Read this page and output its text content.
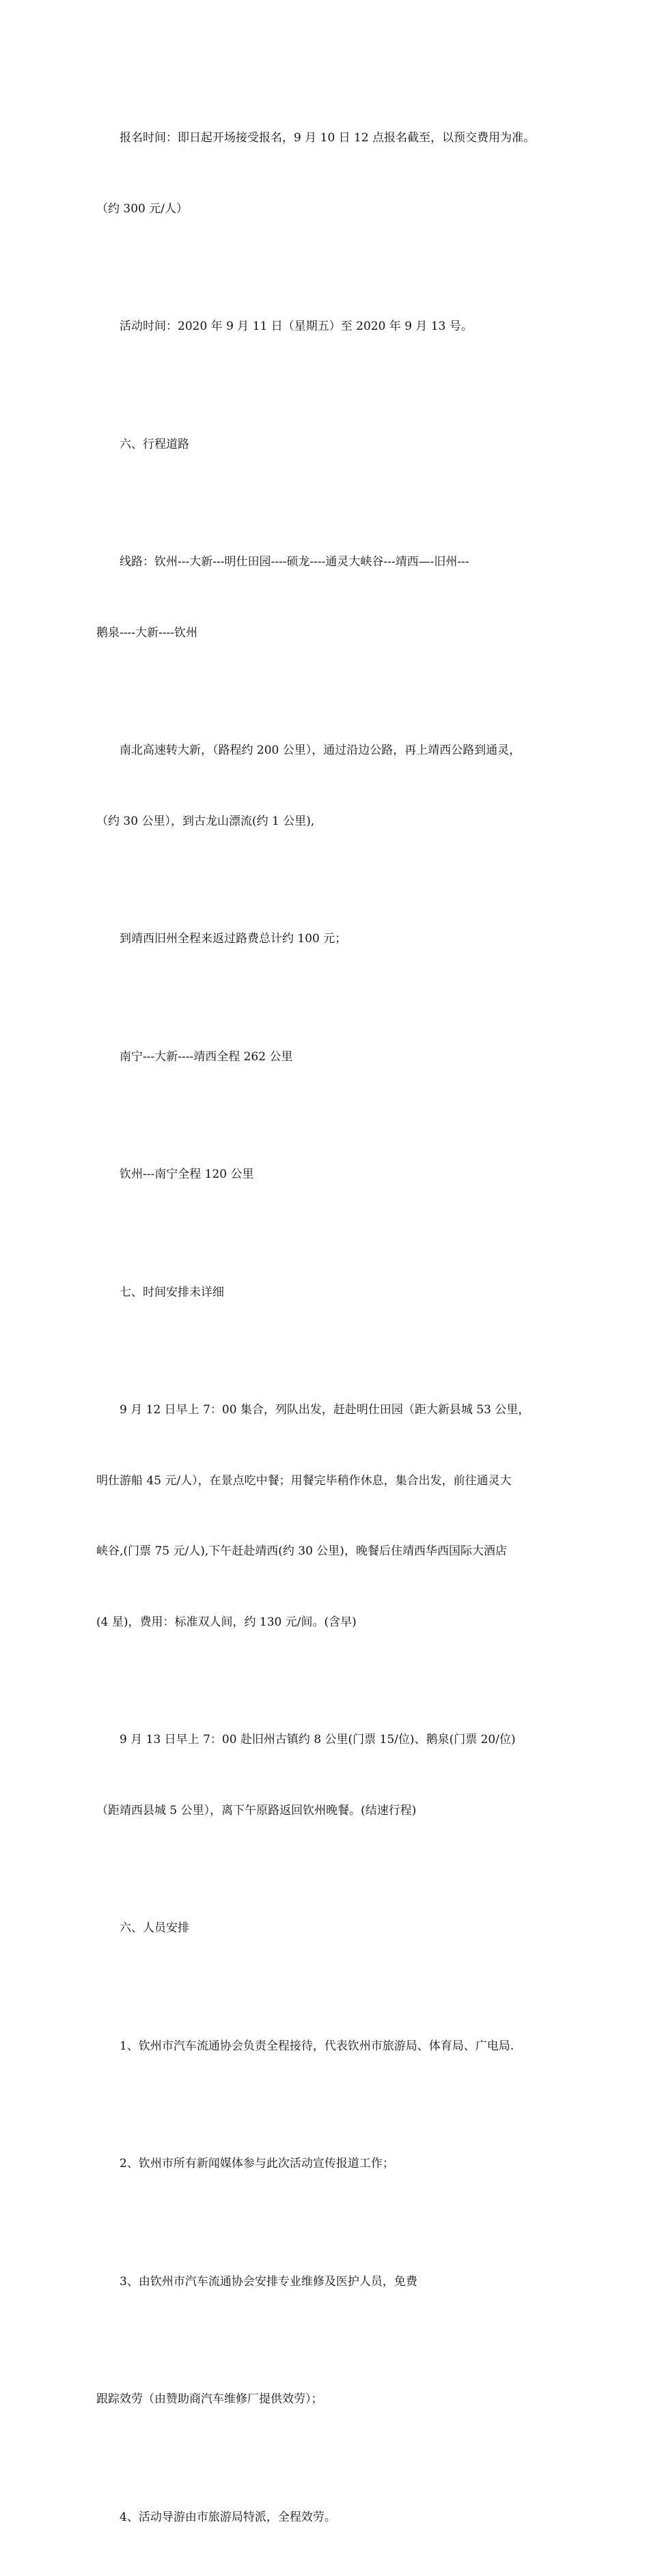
报名时间：即日起开场接受报名，9 月 10 日 12 点报名截至，以预交费用为准。

（约 300 元/人）

活动时间：2020 年 9 月 11 日（星期五）至 2020 年 9 月 13 号。

六、行程道路

线路：钦州---大新---明仕田园----硕龙----通灵大峡谷---靖西—-旧州---

鹅泉----大新----钦州

南北高速转大新，（路程约 200 公里），通过沿边公路，再上靖西公路到通灵，

（约 30 公里），到古龙山漂流(约 1 公里),

到靖西旧州全程来返过路费总计约 100 元；

南宁---大新----靖西全程 262 公里

钦州---南宁全程 120 公里

七、时间安排未详细

9 月 12 日早上 7：00 集合，列队出发，赶赴明仕田园（距大新县城 53 公里，

明仕游船 45 元/人），在景点吃中餐；用餐完毕稍作休息，集合出发，前往通灵大

峡谷,(门票 75 元/人),下午赶赴靖西(约 30 公里)，晚餐后住靖西华西国际大酒店

(4 星)，费用：标准双人间，约 130 元/间。(含早)

9 月 13 日早上 7：00 赴旧州古镇约 8 公里(门票 15/位)、鹅泉(门票 20/位)

（距靖西县城 5 公里），离下午原路返回钦州晚餐。(结速行程)

六、人员安排

1、钦州市汽车流通协会负责全程接待，代表钦州市旅游局、体育局、广电局.

2、钦州市所有新闻媒体参与此次活动宣传报道工作；

3、由钦州市汽车流通协会安排专业维修及医护人员，免费

跟踪效劳（由赞助商汽车维修厂提供效劳）；

4、活动导游由市旅游局特派，全程效劳。
